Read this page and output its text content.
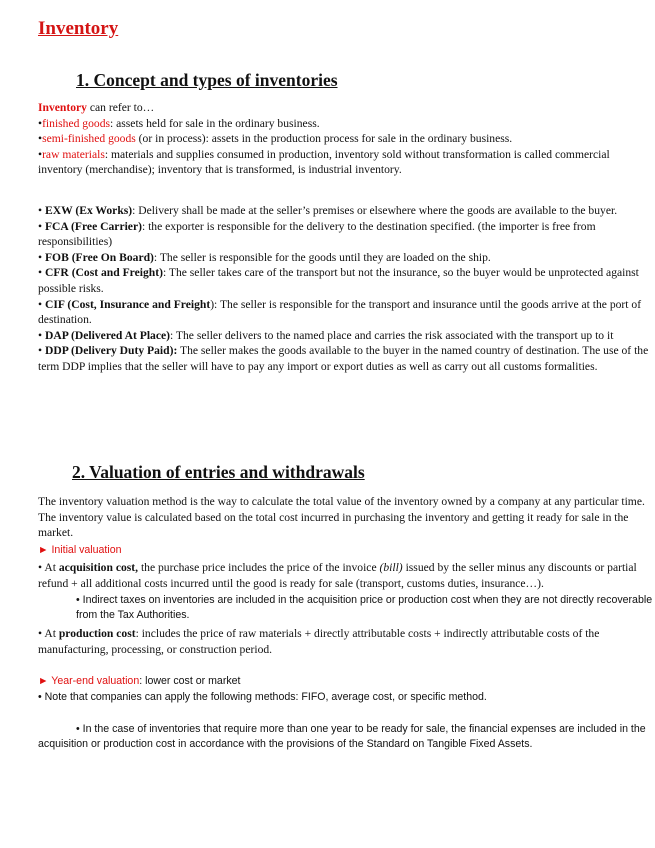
Inventory
1. Concept and types of inventories

Inventory can refer to…

•finished goods: assets held for sale in the ordinary business.

•semi-finished goods (or in process): assets in the production process for sale in the ordinary business.

•raw materials: materials and supplies consumed in production, inventory sold without transformation is called commercial inventory (merchandise); inventory that is transformed, is industrial inventory.

• EXW (Ex Works): Delivery shall be made at the seller’s premises or elsewhere where the goods are available to the buyer.

• FCA (Free Carrier): the exporter is responsible for the delivery to the destination specified. (the importer is free from responsibilities)

• FOB (Free On Board): The seller is responsible for the goods until they are loaded on the ship.

• CFR (Cost and Freight): The seller takes care of the transport but not the insurance, so the buyer would be unprotected against possible risks.

• CIF (Cost, Insurance and Freight): The seller is responsible for the transport and insurance until the goods arrive at the port of destination.

• DAP (Delivered At Place): The seller delivers to the named place and carries the risk associated with the transport up to it

• DDP (Delivery Duty Paid): The seller makes the goods available to the buyer in the named country of destination. The use of the term DDP implies that the seller will have to pay any import or export duties as well as carry out all customs formalities.

2. Valuation of entries and withdrawals

The inventory valuation method is the way to calculate the total value of the inventory owned by a company at any particular time. The inventory value is calculated based on the total cost incurred in purchasing the inventory and getting it ready for sale in the market.

► Initial valuation

• At acquisition cost, the purchase price includes the price of the invoice (bill) issued by the seller minus any discounts or partial refund + all additional costs incurred until the good is ready for sale (transport, customs duties, insurance…).

• Indirect taxes on inventories are included in the acquisition price or production cost when they are not directly recoverable from the Tax Authorities.

• At production cost: includes the price of raw materials + directly attributable costs + indirectly attributable costs of the manufacturing, processing, or construction period.

► Year-end valuation: lower cost or market

• Note that companies can apply the following methods: FIFO, average cost, or specific method.

• In the case of inventories that require more than one year to be ready for sale, the financial expenses are included in the acquisition or production cost in accordance with the provisions of the Standard on Tangible Fixed Assets.
